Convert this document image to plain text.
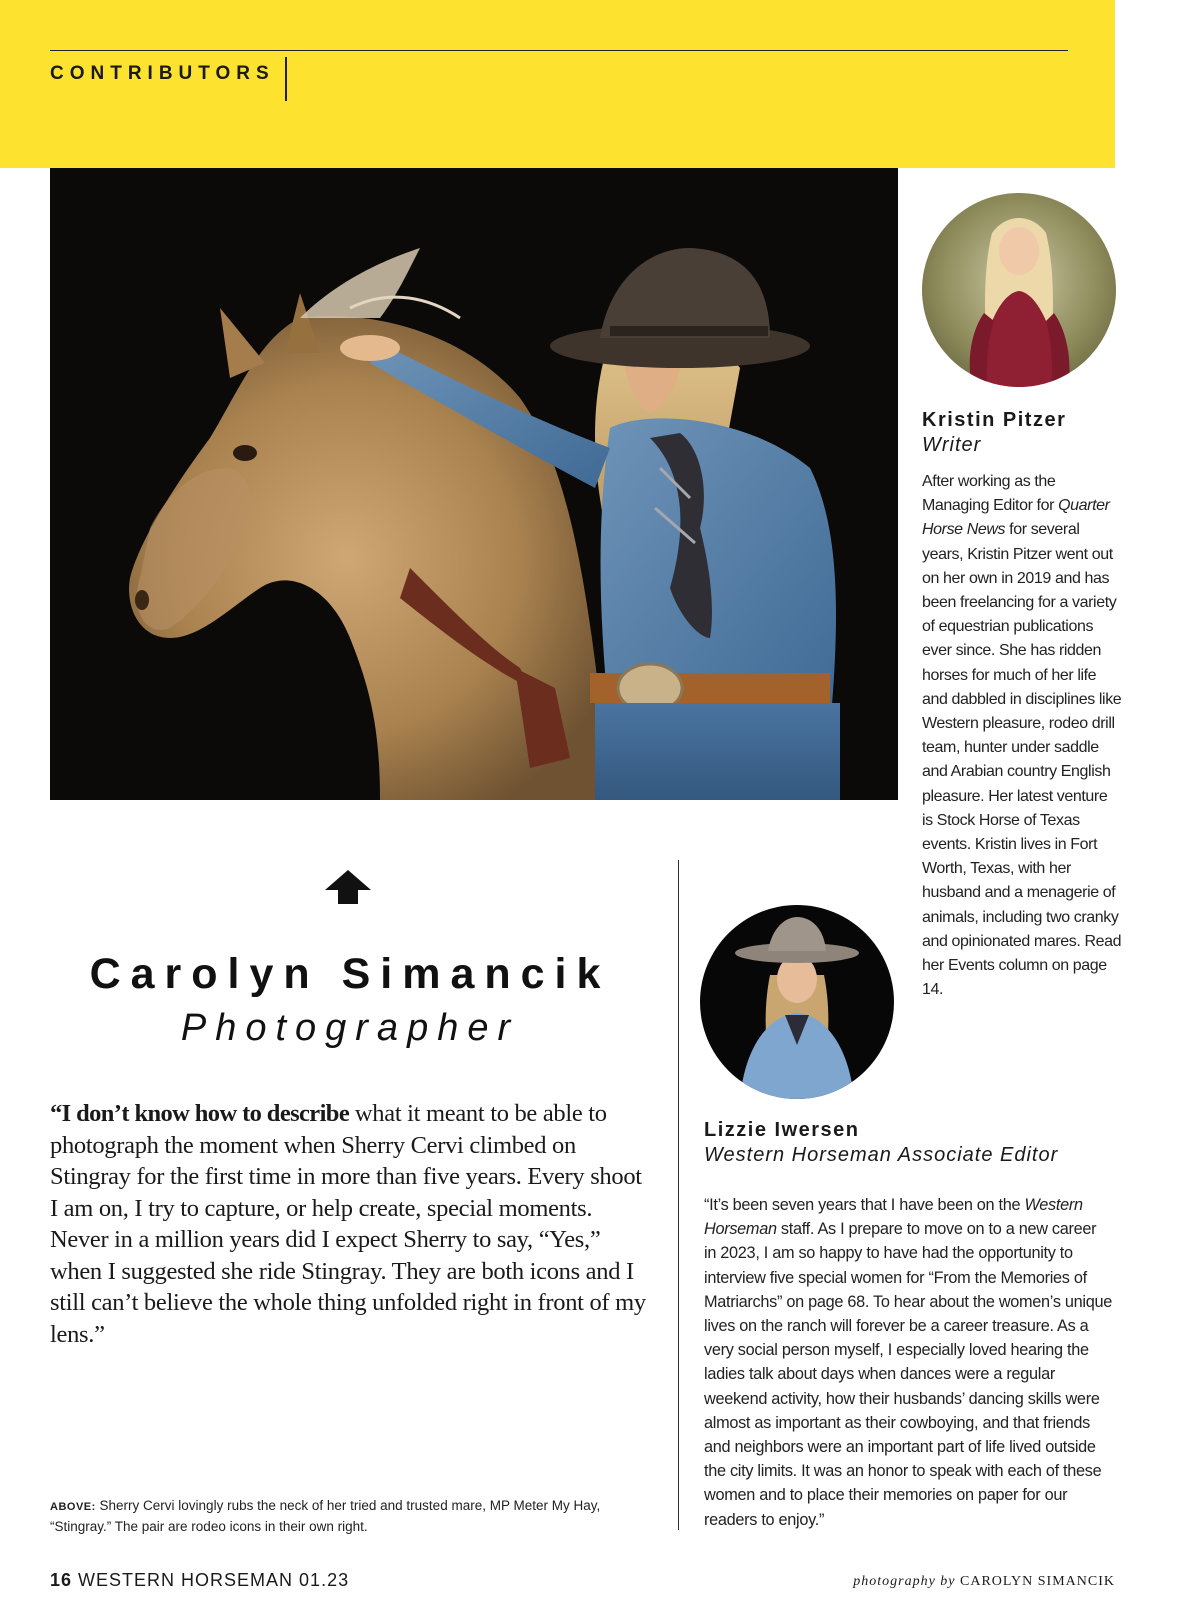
CONTRIBUTORS
Kristin Pitzer
Writer
After working as the Managing Editor for Quarter Horse News for several years, Kristin Pitzer went out on her own in 2019 and has been freelancing for a variety of equestrian publications ever since. She has ridden horses for much of her life and dabbled in disciplines like Western pleasure, rodeo drill team, hunter under saddle and Arabian country English pleasure. Her latest venture is Stock Horse of Texas events. Kristin lives in Fort Worth, Texas, with her husband and a menagerie of animals, including two cranky and opinionated mares. Read her Events column on page 14.
Carolyn Simancik
Photographer
“I don’t know how to describe what it meant to be able to photograph the moment when Sherry Cervi climbed on Stingray for the first time in more than five years. Every shoot I am on, I try to capture, or help create, special moments. Never in a million years did I expect Sherry to say, “Yes,” when I suggested she ride Stingray. They are both icons and I still can’t believe the whole thing unfolded right in front of my lens.”
Lizzie Iwersen
Western Horseman Associate Editor
“It’s been seven years that I have been on the Western Horseman staff. As I prepare to move on to a new career in 2023, I am so happy to have had the opportunity to interview five special women for “From the Memories of Matriarchs” on page 68. To hear about the women’s unique lives on the ranch will forever be a career treasure. As a very social person myself, I especially loved hearing the ladies talk about days when dances were a regular weekend activity, how their husbands’ dancing skills were almost as important as their cowboying, and that friends and neighbors were an important part of life lived outside the city limits. It was an honor to speak with each of these women and to place their memories on paper for our readers to enjoy.”
ABOVE: Sherry Cervi lovingly rubs the neck of her tried and trusted mare, MP Meter My Hay, “Stingray.” The pair are rodeo icons in their own right.
16 WESTERN HORSEMAN 01.23	photography by CAROLYN SIMANCIK
